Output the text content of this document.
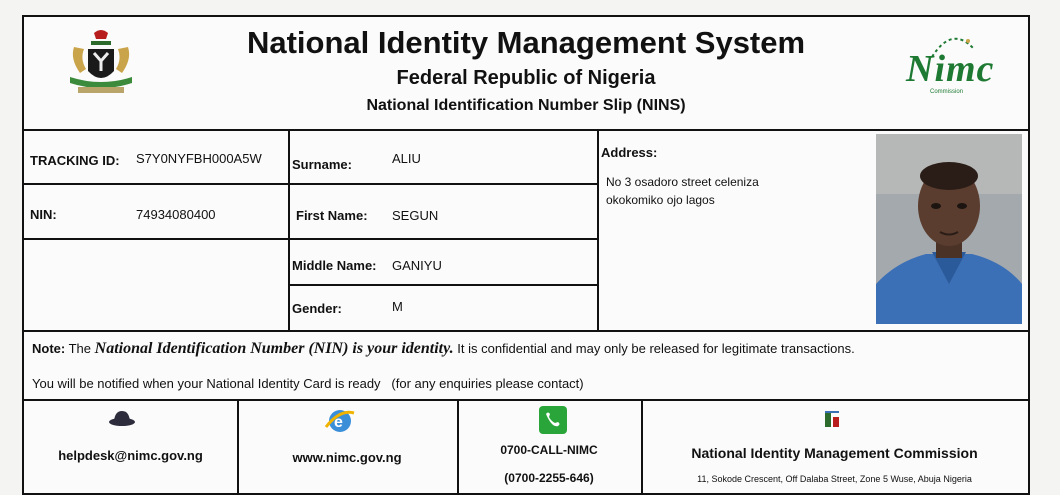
National Identity Management System
Federal Republic of Nigeria
National Identification Number Slip (NINS)
Nimc
Commission
TRACKING ID: S7Y0NYFBH000A5W
NIN:	74934080400
Surname:	ALIU
First Name: SEGUN
Middle Name: GANIYU
Gender:	M
Address:
No 3 osadoro street celeniza
okokomiko ojo lagos
Note: The National Identification Number (NIN) is your identity. It is confidential and may only be released for legitimate transactions.
You will be notified when your National Identity Card is ready (for any enquiries please contact)
helpdesk@nimc.gov.ng
e
www.nimc.gov.ng	0700-CALL-NIMC
(0700-2255-646)
National Identity Management Commission
11, Sokode Crescent, Off Dalaba Street, Zone 5 Wuse, Abuja Nigeria
